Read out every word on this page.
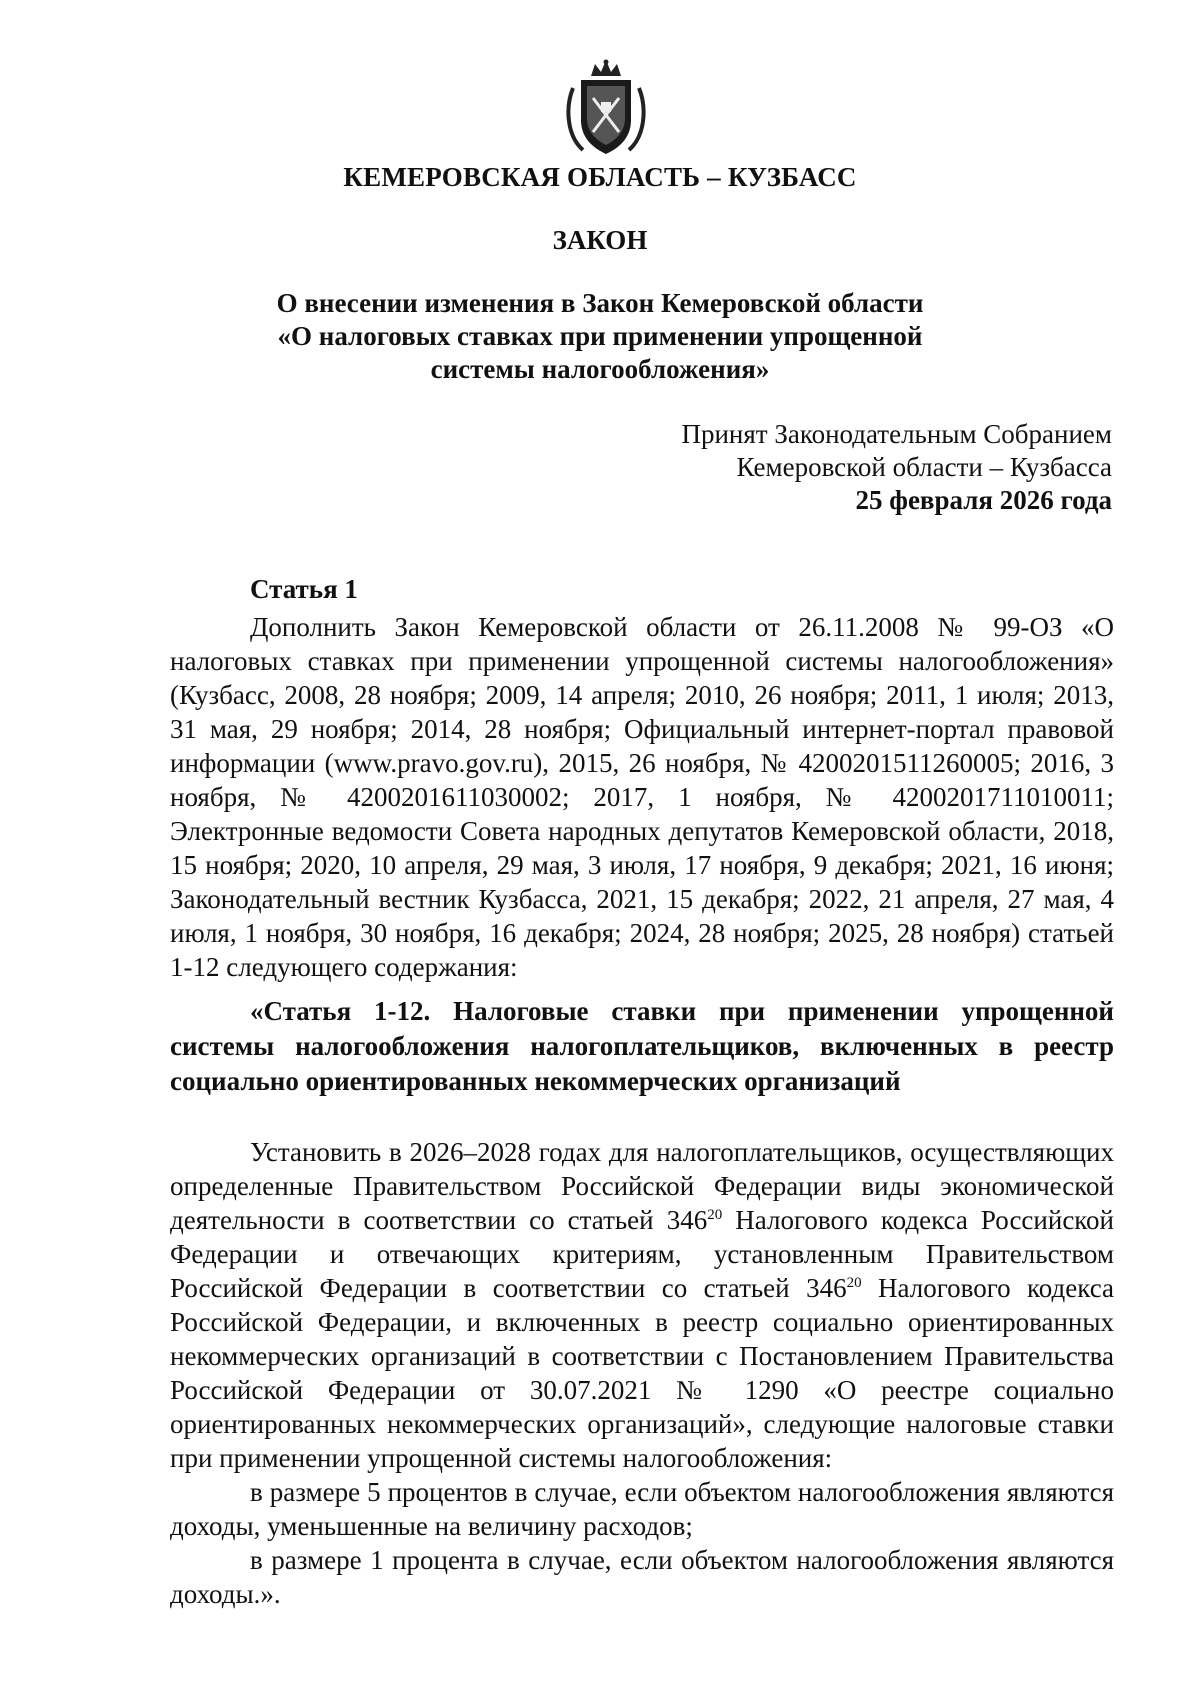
КЕМЕРОВСКАЯ ОБЛАСТЬ – КУЗБАСС
ЗАКОН
О внесении изменения в Закон Кемеровской области
«О налоговых ставках при применении упрощенной
системы налогообложения»
Принят Законодательным Собранием
Кемеровской области – Кузбасса
25 февраля 2026 года
Статья 1

Дополнить Закон Кемеровской области от 26.11.2008 № 99-ОЗ «О налоговых ставках при применении упрощенной системы налогообложения» (Кузбасс, 2008, 28 ноября; 2009, 14 апреля; 2010, 26 ноября; 2011, 1 июля; 2013, 31 мая, 29 ноября; 2014, 28 ноября; Официальный интернет-портал правовой информации (www.pravo.gov.ru), 2015, 26 ноября, № 4200201511260005; 2016, 3 ноября, № 4200201611030002; 2017, 1 ноября, № 4200201711010011; Электронные ведомости Совета народных депутатов Кемеровской области, 2018, 15 ноября; 2020, 10 апреля, 29 мая, 3 июля, 17 ноября, 9 декабря; 2021, 16 июня; Законодательный вестник Кузбасса, 2021, 15 декабря; 2022, 21 апреля, 27 мая, 4 июля, 1 ноября, 30 ноября, 16 декабря; 2024, 28 ноября; 2025, 28 ноября) статьей 1-12 следующего содержания:

«Статья 1-12. Налоговые ставки при применении упрощенной системы налогообложения налогоплательщиков, включенных в реестр социально ориентированных некоммерческих организаций

Установить в 2026–2028 годах для налогоплательщиков, осуществляющих определенные Правительством Российской Федерации виды экономической деятельности в соответствии со статьей $346^{20}$ Налогового кодекса Российской Федерации и отвечающих критериям, установленным Правительством Российской Федерации в соответствии со статьей $346^{20}$ Налогового кодекса Российской Федерации, и включенных в реестр социально ориентированных некоммерческих организаций в соответствии с Постановлением Правительства Российской Федерации от 30.07.2021 № 1290 «О реестре социально ориентированных некоммерческих организаций», следующие налоговые ставки при применении упрощенной системы налогообложения:

в размере 5 процентов в случае, если объектом налогообложения являются доходы, уменьшенные на величину расходов;

в размере 1 процента в случае, если объектом налогообложения являются доходы.».
